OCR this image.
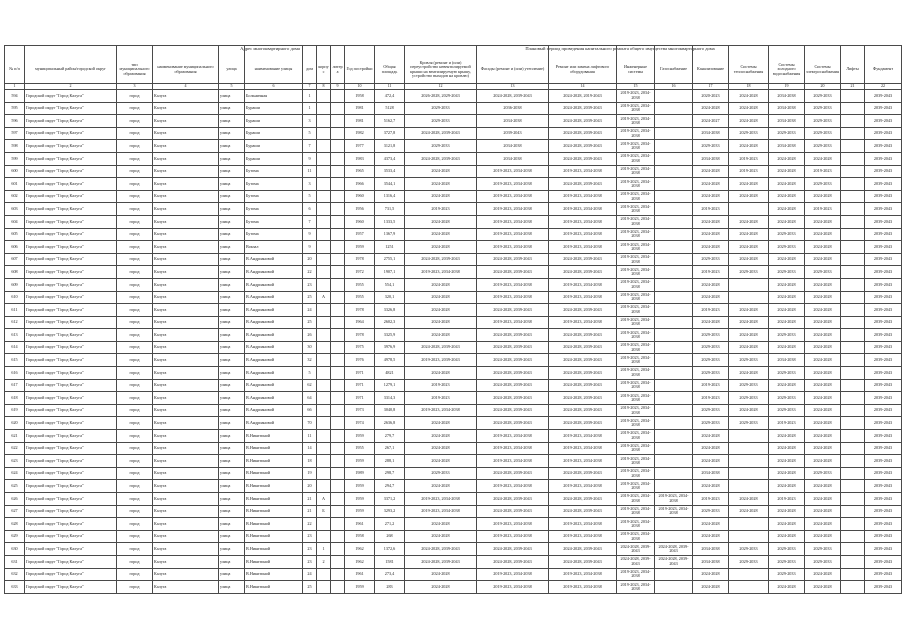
Адрес многоквартирного дома	Плановый период проведения капитального ремонта общего имущества многоквартирного дома
№ п/п	муниципальный район/городской округ	тип муниципального образования	наименование муниципального образования	улица	наименование улицы	дом	корпус	литера	Год постройки	Общая площадь	Кровля (ремонт и (или) переустройство невентилируемой крыши на вентилируемую крышу, устройство выходов на кровлю)	Фасады (ремонт и (или) утепление)	Ремонт или замена лифтового оборудования	Инженерные системы	Газоснабжение	Канализование	Системы теплоснабжения	Системы холодного водоснабжения	Системы электроснабжения	Лифты	Фундамент
1	2	3	4	5	6	7	8	9	10	11	12	13	14	15	16	17	18	19	20	21	22
594	Городской округ "Город Калуга"	город	Калуга	улица	Больничная	1			1958	472,4	2026-2028, 2029-2043	2024-2028, 2039-2043	2024-2028, 2019-2043	2019-2023, 2034-2038		2020-2023	2024-2028	2034-2038	2029-2033		2039-2043
595	Городской округ "Город Калуга"	город	Калуга	улица	Бураши	1			1981	5128	2029-2033	2036-2038	2024-2028, 2039-2043	2019-2023, 2034-2038		2024-2028	2024-2028	2034-2038	2029-2033		2039-2043
596	Городской округ "Город Калуга"	город	Калуга	улица	Бураши	3			1981	5162,7	2029-2033	2034-2038	2024-2028, 2039-2043	2019-2023, 2034-2038		2024-2027	2024-2028	2034-2038	2029-2033		2039-2043
597	Городской округ "Город Калуга"	город	Калуга	улица	Бураши	5			1982	3727,8	2024-2028, 2039-2043	2039-2043	2024-2028, 2039-2043	2019-2023, 2034-2038		2034-2038	2029-2033	2029-2033	2029-2033		2039-2043
598	Городской округ "Город Калуга"	город	Калуга	улица	Бураши	7			1977	3121,8	2029-2033	2034-2038	2024-2028, 2039-2043	2019-2023, 2034-2038		2029-2033	2024-2028	2034-2038	2029-2033		2039-2043
599	Городской округ "Город Калуга"	город	Калуга	улица	Бураши	9			1983	4373,4	2024-2028, 2039-2043	2034-2038	2024-2028, 2039-2043	2019-2023, 2034-2038		2034-2038	2019-2023	2024-2028	2024-2028		2039-2043
600	Городской округ "Город Калуга"	город	Калуга	улица	Бутома	11			1965	3533,4	2024-2028	2019-2023, 2034-2038	2019-2023, 2034-2038	2019-2023, 2034-2038		2024-2028	2019-2023	2024-2028	2019-2023		2039-2043
601	Городской округ "Город Калуга"	город	Калуга	улица	Бутома	3			1966	3544,1	2024-2028	2019-2023, 2034-2038	2024-2028, 2039-2043	2019-2023, 2034-2038		2024-2028	2024-2028	2024-2028	2029-2033		2039-2043
602	Городской округ "Город Калуга"	город	Калуга	улица	Бутома	5			1960	1316,4	2024-2028	2019-2023, 2034-2038	2019-2023, 2034-2038	2019-2023, 2034-2038		2024-2028	2024-2028	2024-2028	2024-2028		2039-2043
603	Городской округ "Город Калуга"	город	Калуга	улица	Бутома	6			1956	731,5	2019-2023	2019-2023, 2034-2038	2019-2023, 2034-2038	2019-2023, 2034-2038		2019-2023		2024-2028	2019-2023		2039-2043
604	Городской округ "Город Калуга"	город	Калуга	улица	Бутома	7			1960	1333,5	2024-2028	2019-2023, 2034-2038	2019-2023, 2034-2038	2019-2023, 2034-2038		2024-2028	2024-2028	2024-2028	2024-2028		2039-2043
605	Городской округ "Город Калуга"	город	Калуга	улица	Бутома	9			1957	1367,9	2024-2028	2019-2023, 2034-2038	2019-2023, 2034-2038	2019-2023, 2034-2038		2024-2028	2024-2028	2029-2033	2024-2028		2039-2043
606	Городской округ "Город Калуга"	город	Калуга	улица	Вокзал	9			1959	1251	2024-2028	2019-2023, 2034-2038	2019-2023, 2034-2038	2019-2023, 2034-2038		2024-2028	2024-2028	2029-2033	2024-2028		2039-2043
607	Городской округ "Город Калуга"	город	Калуга	улица	В.Андриановой	20			1978	2755,1	2024-2028, 2039-2043	2024-2028, 2039-2043	2024-2028, 2039-2043	2019-2023, 2034-2038		2029-2033	2024-2028	2024-2028	2024-2028		2039-2043
608	Городской округ "Город Калуга"	город	Калуга	улица	В.Андриановой	22			1972	1907,1	2019-2023, 2034-2038	2024-2028, 2039-2043	2024-2028, 2039-2043	2019-2023, 2034-2038		2019-2023	2029-2033	2029-2033	2029-2033		2039-2043
609	Городской округ "Город Калуга"	город	Калуга	улица	В.Андриановой	23			1955	554,1	2024-2028	2019-2023, 2034-2038	2019-2023, 2034-2038	2019-2023, 2034-2038		2024-2028		2024-2028	2024-2028		2039-2043
610	Городской округ "Город Калуга"	город	Калуга	улица	В.Андриановой	25	А		1955	320,1	2024-2028	2019-2023, 2034-2038	2019-2023, 2034-2038	2019-2023, 2034-2038		2024-2028		2024-2028	2024-2028		2039-2043
611	Городской округ "Город Калуга"	город	Калуга	улица	В.Андриановой	24			1978	3326,8	2024-2028	2024-2028, 2039-2043	2024-2028, 2039-2043	2019-2023, 2034-2038		2019-2023	2024-2028	2024-2028	2024-2028		2039-2043
612	Городской округ "Город Калуга"	город	Калуга	улица	В.Андриановой	25			1964	2602,3	2024-2028	2019-2023, 2034-2038	2019-2023, 2034-2038	2019-2023, 2034-2038		2024-2028	2024-2028	2024-2028	2024-2028		2039-2043
613	Городской округ "Город Калуга"	город	Калуга	улица	В.Андриановой	26			1978	3325,9	2024-2028	2024-2028, 2039-2043	2024-2028, 2039-2043	2019-2023, 2034-2038		2029-2033	2024-2028	2029-2033	2024-2028		2039-2043
614	Городской округ "Город Калуга"	город	Калуга	улица	В.Андриановой	30			1975	3976,9	2024-2028, 2039-2043	2024-2028, 2039-2043	2024-2028, 2039-2043	2019-2023, 2034-2038		2029-2033	2024-2028	2024-2028	2024-2028		2039-2043
615	Городской округ "Город Калуга"	город	Калуга	улица	В.Андриановой	32			1976	4978,5	2019-2023, 2039-2043	2024-2028, 2039-2043	2024-2028, 2039-2043	2019-2023, 2034-2038		2029-2033	2029-2033	2034-2038	2024-2028		2039-2043
616	Городской округ "Город Калуга"	город	Калуга	улица	В.Андриановой	5			1971	4821	2024-2028	2024-2028, 2039-2043	2024-2028, 2039-2043	2019-2023, 2034-2038		2029-2033	2024-2028	2029-2033	2024-2028		2039-2043
617	Городской округ "Город Калуга"	город	Калуга	улица	В.Андриановой	62			1971	1279,1	2019-2023	2024-2028, 2039-2043	2024-2028, 2039-2043	2019-2023, 2034-2038		2019-2023	2029-2033	2024-2028	2024-2028		2039-2043
618	Городской округ "Город Калуга"	город	Калуга	улица	В.Андриановой	64			1971	3314,3	2019-2023	2024-2028, 2039-2043	2024-2028, 2039-2043	2019-2023, 2034-2038		2019-2023	2029-2033	2029-2033	2024-2028		2039-2043
619	Городской округ "Город Калуга"	город	Калуга	улица	В.Андриановой	66			1973	3040,8	2019-2023, 2034-2038	2024-2028, 2039-2043	2024-2028, 2039-2043	2019-2023, 2034-2038		2029-2033	2024-2028	2029-2033	2024-2028		2039-2043
620	Городской округ "Город Калуга"	город	Калуга	улица	В.Андриановой	70			1974	2636,8	2024-2028	2024-2028, 2039-2043	2024-2028, 2039-2043	2019-2023, 2034-2038		2029-2033	2029-2033	2019-2023	2024-2028		2039-2043
621	Городской округ "Город Калуга"	город	Калуга	улица	В.Никитиной	11			1959	279,7	2024-2028	2019-2023, 2034-2038	2019-2023, 2034-2038	2019-2023, 2034-2038		2024-2028		2024-2028	2024-2028		2039-2043
622	Городской округ "Город Калуга"	город	Калуга	улица	В.Никитиной	14			1955	267,1	2024-2028	2019-2023, 2034-2038	2019-2023, 2034-2038	2019-2023, 2034-2038		2024-2028		2024-2028	2024-2028		2039-2043
623	Городской округ "Город Калуга"	город	Калуга	улица	В.Никитиной	18			1959	288,1	2024-2028	2019-2023, 2034-2038	2019-2023, 2034-2038	2019-2023, 2034-2038		2024-2028		2024-2028	2024-2028		2039-2043
624	Городской округ "Город Калуга"	город	Калуга	улица	В.Никитиной	19			1989	298,7	2029-2033	2024-2028, 2039-2043	2024-2028, 2039-2043	2019-2023, 2034-2038		2034-2038		2024-2028	2029-2033		2039-2043
625	Городской округ "Город Калуга"	город	Калуга	улица	В.Никитиной	20			1959	294,7	2024-2028	2019-2023, 2034-2038	2019-2023, 2034-2038	2019-2023, 2034-2038		2024-2028		2024-2028	2024-2028		2039-2043
626	Городской округ "Город Калуга"	город	Калуга	улица	В.Никитиной	21	А		1959	3371,2	2019-2023, 2034-2038	2024-2028, 2039-2043	2024-2028, 2039-2043	2019-2023, 2034-2038	2019-2023, 2034-2038	2019-2023	2024-2028	2019-2023	2024-2028		2039-2043
627	Городской округ "Город Калуга"	город	Калуга	улица	В.Никитиной	21	Б		1959	3293,2	2019-2023, 2034-2038	2024-2028, 2039-2043	2024-2028, 2039-2043	2019-2023, 2034-2038	2019-2023, 2034-2038	2029-2033	2024-2028	2024-2028	2024-2028		2039-2043
628	Городской округ "Город Калуга"	город	Калуга	улица	В.Никитиной	22			1961	271,2	2024-2028	2019-2023, 2034-2038	2019-2023, 2034-2038	2019-2023, 2034-2038		2024-2028		2024-2028	2024-2028		2039-2043
629	Городской округ "Город Калуга"	город	Калуга	улица	В.Никитиной	23			1958	268	2024-2028	2019-2023, 2034-2038	2019-2023, 2034-2038	2019-2023, 2034-2038		2024-2028		2024-2028	2024-2028		2039-2043
630	Городской округ "Город Калуга"	город	Калуга	улица	В.Никитиной	23	1		1962	1372,6	2024-2028, 2039-2043	2024-2028, 2039-2043	2024-2028, 2039-2043	2024-2028, 2039-2043	2024-2028, 2039-2043	2034-2038	2029-2033	2029-2033	2029-2033		2039-2043
631	Городской округ "Город Калуга"	город	Калуга	улица	В.Никитиной	23	2		1962	1581	2024-2028, 2039-2043	2024-2028, 2039-2043	2024-2028, 2039-2043	2024-2028, 2039-2043	2024-2028, 2039-2043	2034-2038	2029-2033	2029-2033	2029-2033		2039-2043
632	Городской округ "Город Калуга"	город	Калуга	улица	В.Никитиной	24			1961	273,4	2024-2028	2019-2023, 2034-2038	2019-2023, 2034-2038	2019-2023, 2034-2038		2024-2028		2029-2033	2024-2028		2039-2043
633	Городской округ "Город Калуга"	город	Калуга	улица	В.Никитиной	25			1959	283	2024-2028	2019-2023, 2034-2038	2019-2023, 2034-2038	2019-2023, 2034-2038		2024-2028		2024-2028	2024-2028		2039-2043
